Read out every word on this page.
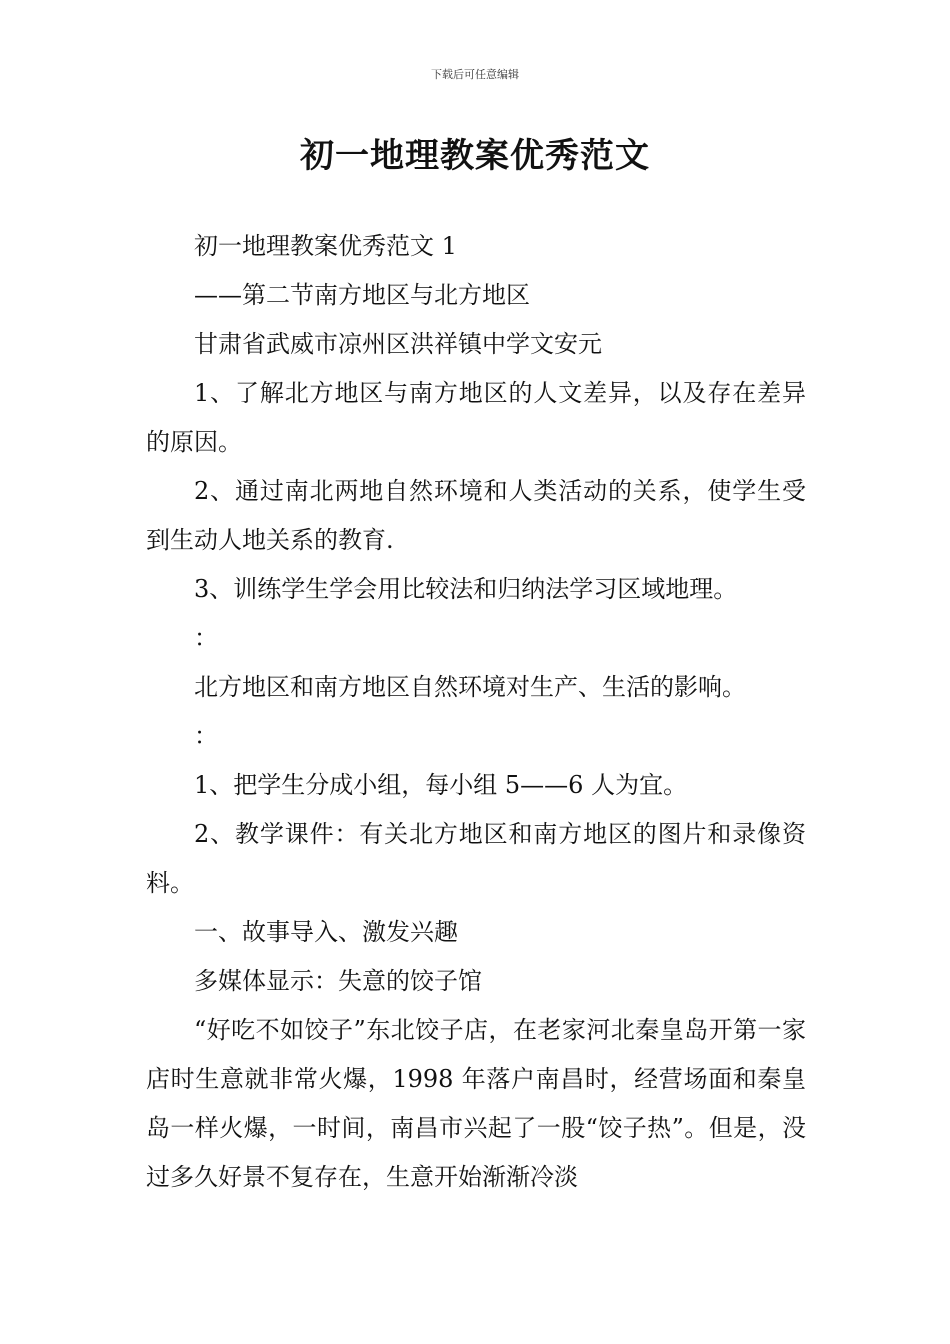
下载后可任意编辑
初一地理教案优秀范文

初一地理教案优秀范文 1

——第二节南方地区与北方地区

甘肃省武威市凉州区洪祥镇中学文安元

1、了解北方地区与南方地区的人文差异，以及存在差异的原因。

2、通过南北两地自然环境和人类活动的关系，使学生受到生动人地关系的教育.

3、训练学生学会用比较法和归纳法学习区域地理。

：

北方地区和南方地区自然环境对生产、生活的影响。

：

1、把学生分成小组，每小组 5——6 人为宜。

2、教学课件：有关北方地区和南方地区的图片和录像资料。

一、故事导入、激发兴趣

多媒体显示：失意的饺子馆

“好吃不如饺子”东北饺子店，在老家河北秦皇岛开第一家店时生意就非常火爆，1998 年落户南昌时，经营场面和秦皇岛一样火爆，一时间，南昌市兴起了一股“饺子热”。但是，没过多久好景不复存在，生意开始渐渐冷淡
